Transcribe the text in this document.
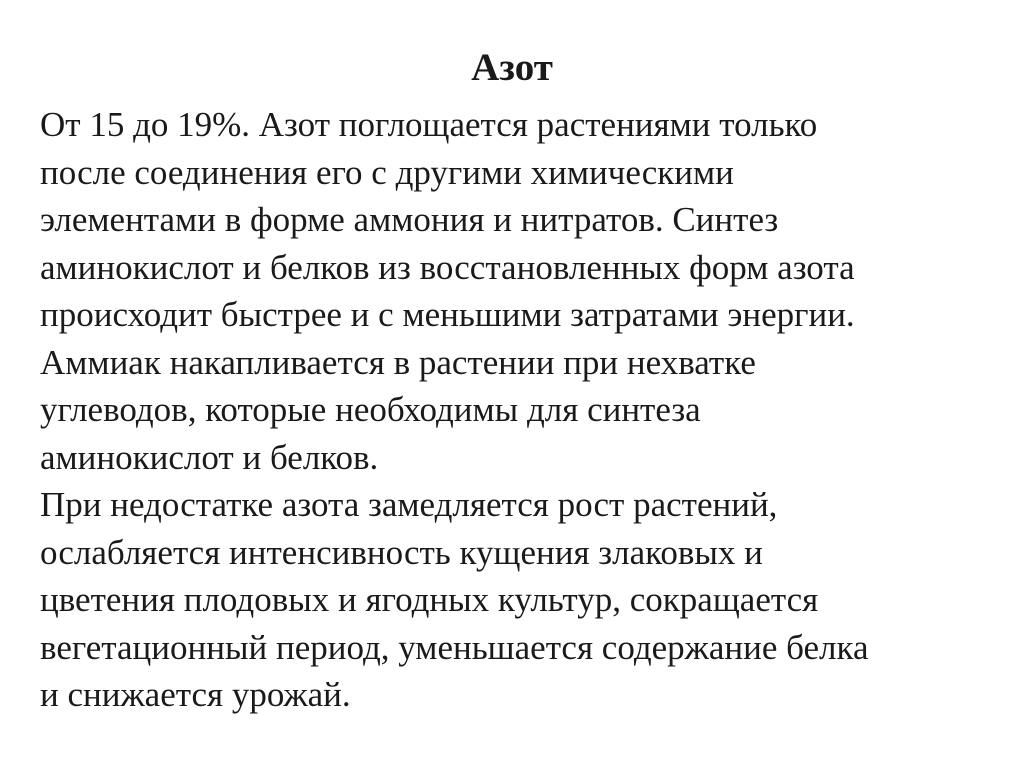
Азот
От 15 до 19%. Азот поглощается растениями только
после соединения его с другими химическими
элементами в форме аммония и нитратов. Синтез
аминокислот и белков из восстановленных форм азота
происходит быстрее и с меньшими затратами энергии.
Аммиак накапливается в растении при нехватке
углеводов, которые необходимы для синтеза
аминокислот и белков.
При недостатке азота замедляется рост растений,
ослабляется интенсивность кущения злаковых и
цветения плодовых и ягодных культур, сокращается
вегетационный период, уменьшается содержание белка
и снижается урожай.
